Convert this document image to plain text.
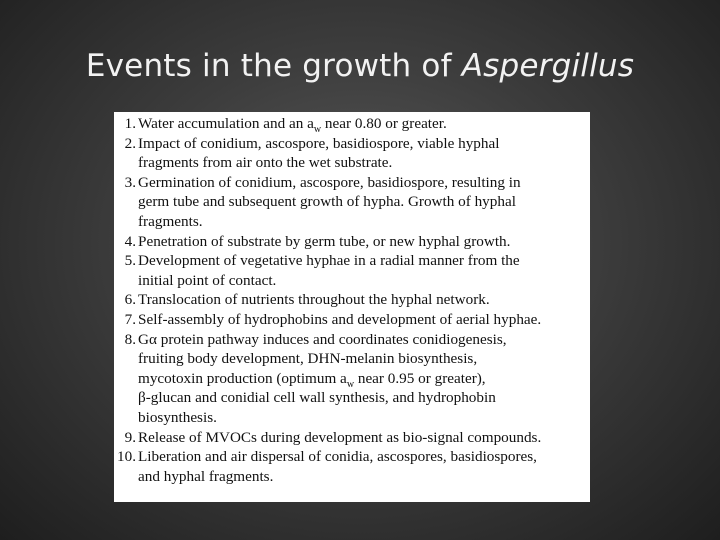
Events in the growth of Aspergillus
1. Water accumulation and an $a_w$ near 0.80 or greater.
2. Impact of conidium, ascospore, basidiospore, viable hyphal
fragments from air onto the wet substrate.
3. Germination of conidium, ascospore, basidiospore, resulting in
germ tube and subsequent growth of hypha. Growth of hyphal
fragments.
4. Penetration of substrate by germ tube, or new hyphal growth.
5. Development of vegetative hyphae in a radial manner from the
initial point of contact.
6. Translocation of nutrients throughout the hyphal network.
7. Self-assembly of hydrophobins and development of aerial hyphae.
8. Gα protein pathway induces and coordinates conidiogenesis,
fruiting body development, DHN-melanin biosynthesis,
mycotoxin production (optimum $a_w$ near 0.95 or greater),
β-glucan and conidial cell wall synthesis, and hydrophobin
biosynthesis.
9. Release of MVOCs during development as bio-signal compounds.
10. Liberation and air dispersal of conidia, ascospores, basidiospores,
and hyphal fragments.
